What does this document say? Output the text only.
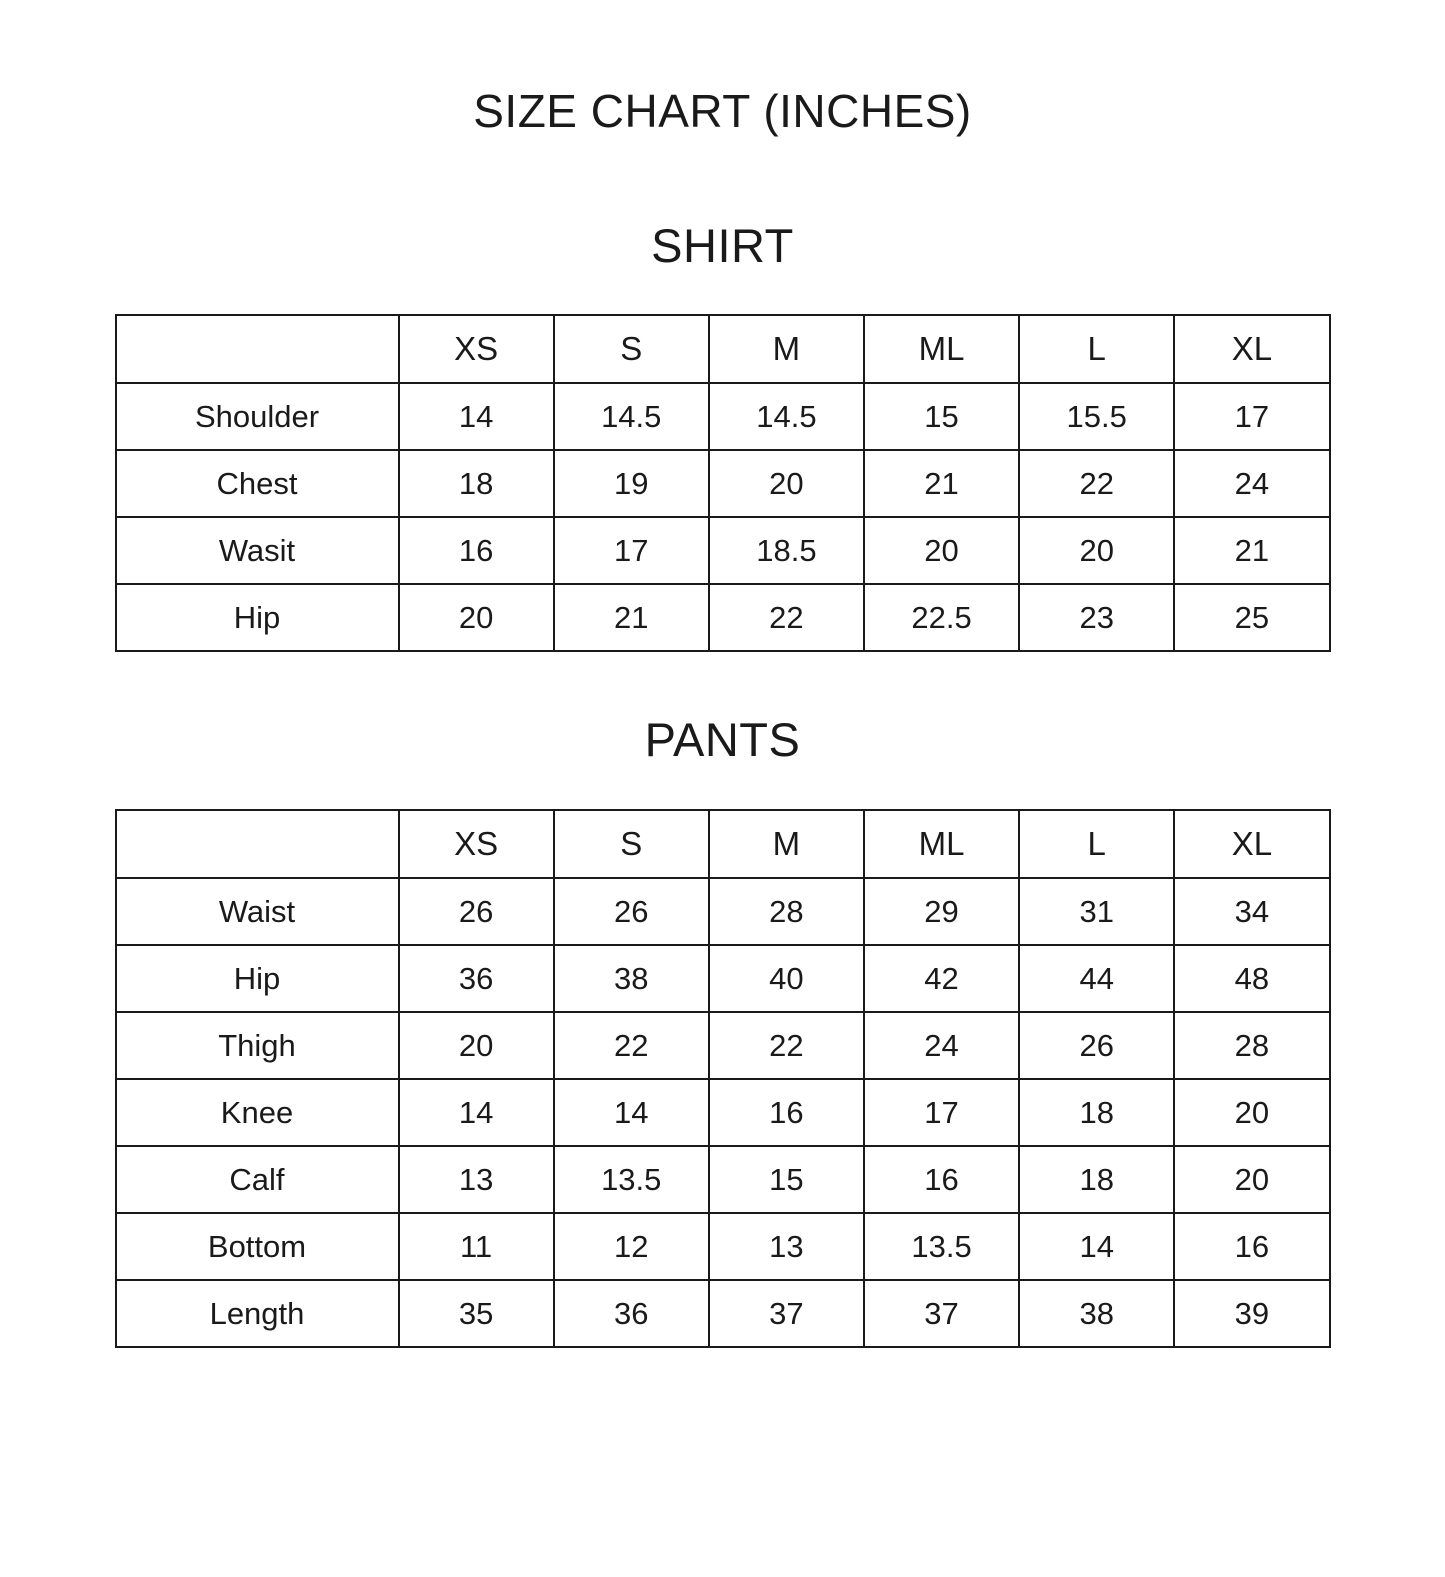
SIZE CHART (INCHES)
SHIRT
	XS	S	M	ML	L	XL
Shoulder	14	14.5	14.5	15	15.5	17
Chest	18	19	20	21	22	24
Wasit	16	17	18.5	20	20	21
Hip	20	21	22	22.5	23	25
PANTS
	XS	S	M	ML	L	XL
Waist	26	26	28	29	31	34
Hip	36	38	40	42	44	48
Thigh	20	22	22	24	26	28
Knee	14	14	16	17	18	20
Calf	13	13.5	15	16	18	20
Bottom	11	12	13	13.5	14	16
Length	35	36	37	37	38	39
